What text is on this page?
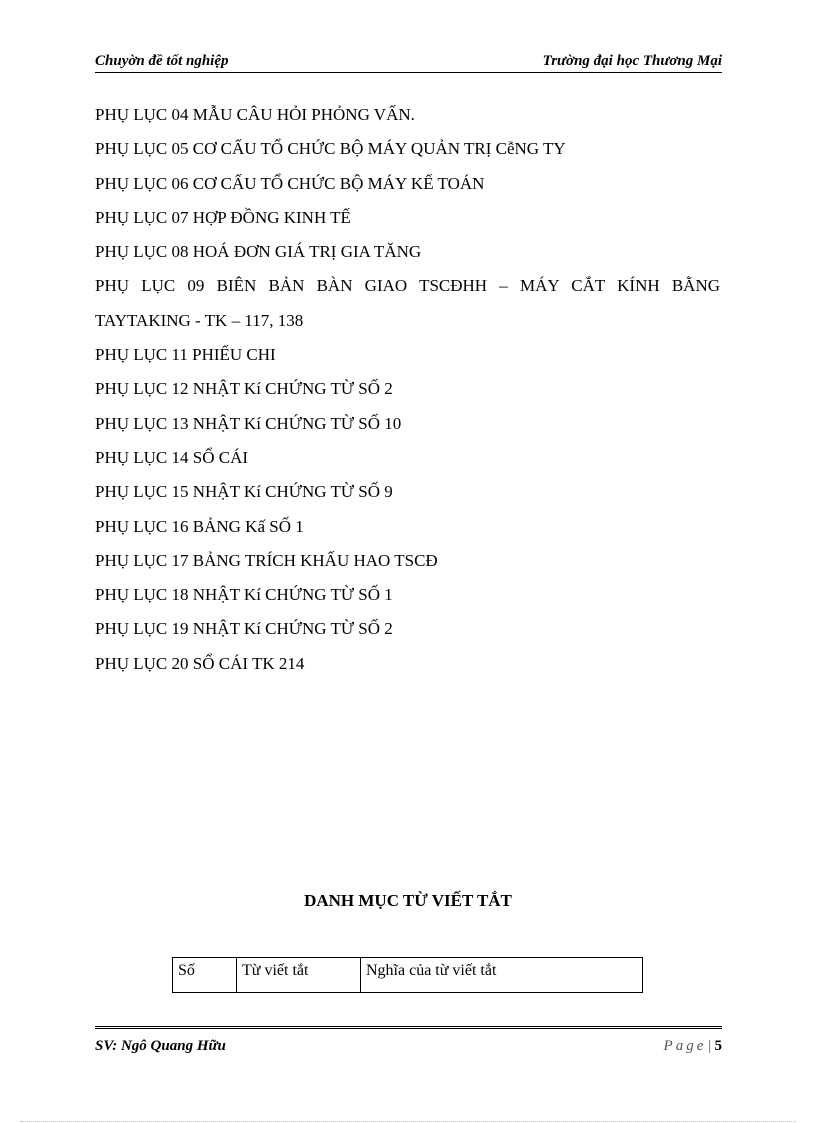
Chuyờn đề tốt nghiệp	Trường đại học Thương Mại
PHỤ LỤC 04 MẪU CÂU HỎI PHỎNG VẤN.
PHỤ LỤC 05 CƠ CẤU TỔ CHỨC BỘ MÁY QUẢN TRỊ CễNG TY
PHỤ LỤC 06 CƠ CẤU TỔ CHỨC BỘ MÁY KẾ TOÁN
PHỤ LỤC 07 HỢP ĐỒNG KINH TẾ
PHỤ LỤC 08 HOÁ ĐƠN GIÁ TRỊ GIA TĂNG
PHỤ LỤC 09 BIÊN BẢN BÀN GIAO TSCĐHH – MÁY CẮT KÍNH BẰNG
TAYTAKING - TK – 117, 138
PHỤ LỤC 11 PHIẾU CHI
PHỤ LỤC 12 NHẬT Kí CHỨNG TỪ SỐ 2
PHỤ LỤC 13 NHẬT Kí CHỨNG TỪ SỐ 10
PHỤ LỤC 14 SỔ CÁI
PHỤ LỤC 15 NHẬT Kí CHỨNG TỪ SỐ 9
PHỤ LỤC 16 BẢNG Kấ SỐ 1
PHỤ LỤC 17 BẢNG TRÍCH KHẤU HAO TSCĐ
PHỤ LỤC 18 NHẬT Kí CHỨNG TỪ SỐ 1
PHỤ LỤC 19 NHẬT Kí CHỨNG TỪ SỐ 2
PHỤ LỤC 20 SỔ CÁI TK 214
DANH MỤC TỪ VIẾT TẮT
Số	Từ viết tắt	Nghĩa của từ viết tắt
SV: Ngô Quang Hữu	Page| 5
